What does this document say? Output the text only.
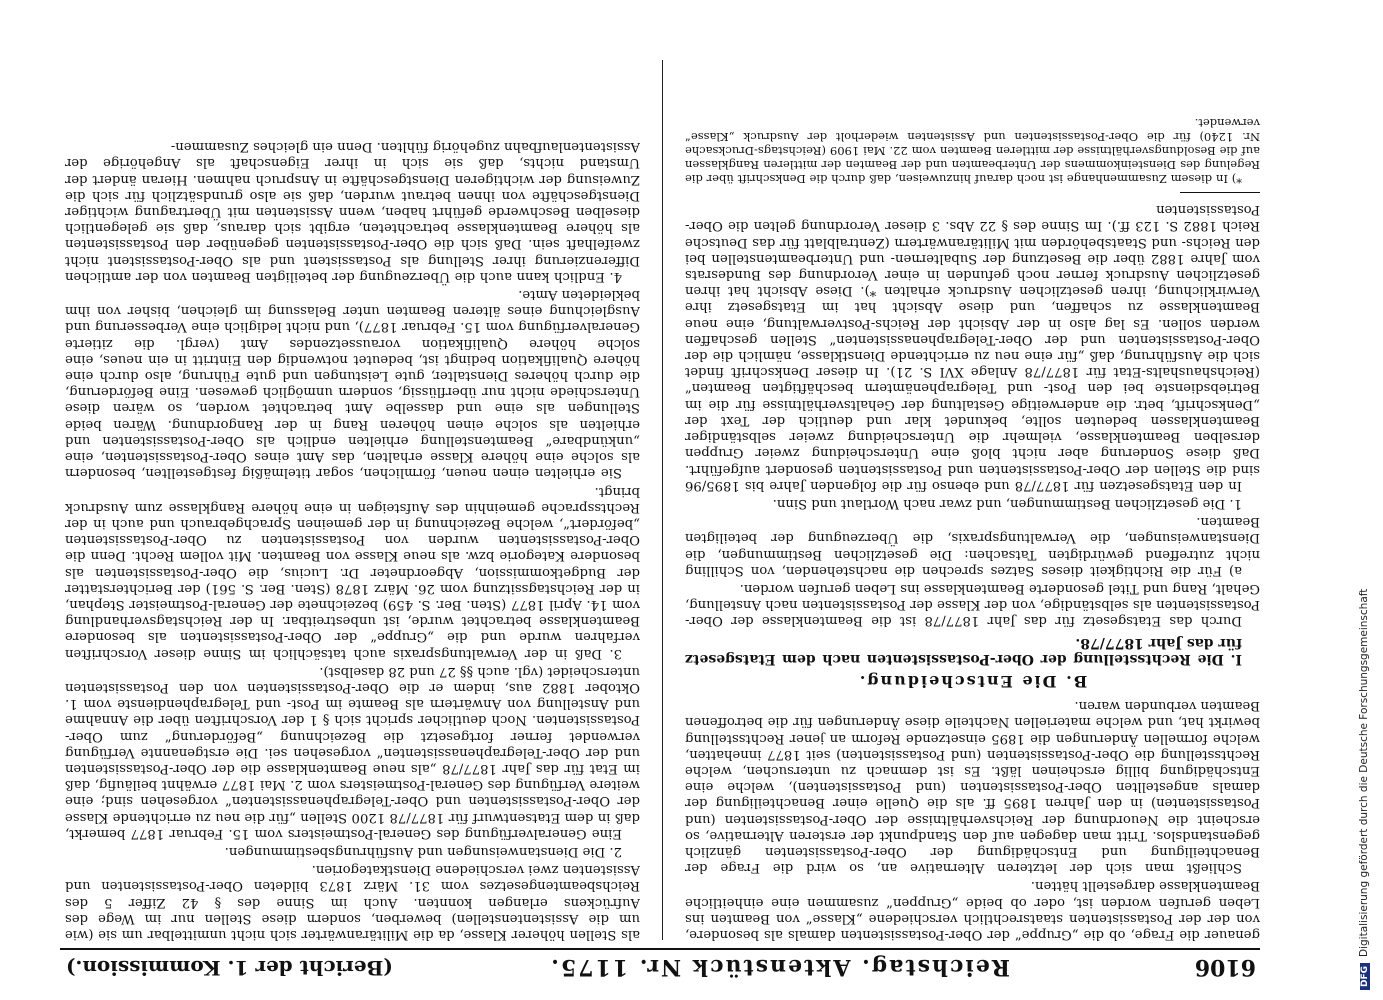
6106
Reichstag. Aktenstück Nr. 1175.
(Bericht der 1. Kommission.)

genauer die Frage, ob die „Gruppe“ der Ober-Postassistenten damals als besondere, von der der Postassistenten staatsrechtlich verschiedene „Klasse“ von Beamten ins Leben gerufen worden ist, oder ob beide „Gruppen“ zusammen eine einheitliche Beamtenklasse dargestellt hätten.

Schließt man sich der letzteren Alternative an, so wird die Frage der Benachteiligung und Entschädigung der Ober-Postassistenten gänzlich gegenstandslos. Tritt man dagegen auf den Standpunkt der ersteren Alternative, so erscheint die Neuordnung der Reichsverhältnisse der Ober-Postassistenten (und Postassistenten) in den Jahren 1895 ff. als die Quelle einer Benachteiligung der damals angestellten Ober-Postassistenten (und Postassistenten), welche eine Entschädigung billig erscheinen läßt. Es ist demnach zu untersuchen, welche Rechtsstellung die Ober-Postassistenten (und Postassistenten) seit 1877 innehatten, welche formellen Änderungen die 1895 einsetzende Reform an jener Rechtsstellung bewirkt hat, und welche materiellen Nachteile diese Änderungen für die betroffenen Beamten verbunden waren.

B. Die Entscheidung.
I. Die Rechtsstellung der Ober-Postassistenten nach dem Etatsgesetz für das Jahr 1877/78.

Durch das Etatsgesetz für das Jahr 1877/78 ist die Beamtenklasse der Ober-Postassistenten als selbständige, von der Klasse der Postassistenten nach Anstellung, Gehalt, Rang und Titel gesonderte Beamtenklasse ins Leben gerufen worden.

a) Für die Richtigkeit dieses Satzes sprechen die nachstehenden, von Schilling nicht zutreffend gewürdigten Tatsachen: Die gesetzlichen Bestimmungen, die Dienstanweisungen, die Verwaltungspraxis, die Überzeugung der beteiligten Beamten.

1. Die gesetzlichen Bestimmungen, und zwar nach Wortlaut und Sinn.

In den Etatsgesetzen für 1877/78 und ebenso für die folgenden Jahre bis 1895/96 sind die Stellen der Ober-Postassistenten und Postassistenten gesondert aufgeführt. Daß diese Sonderung aber nicht bloß eine Unterscheidung zweier Gruppen derselben Beamtenklasse, vielmehr die Unterscheidung zweier selbständiger Beamtenklassen bedeuten sollte, bekundet klar und deutlich der Text der „Denkschrift, betr. die anderweitige Gestaltung der Gehaltsverhältnisse für die im Betriebsdienste bei den Post- und Telegraphenämtern beschäftigten Beamten“ (Reichshaushalts-Etat für 1877/78 Anlage XVI S. 21). In dieser Denkschrift findet sich die Ausführung, daß „für eine neu zu errichtende Dienstklasse, nämlich die der Ober-Postassistenten und der Ober-Telegraphenassistenten“ Stellen geschaffen werden sollen. Es lag also in der Absicht der Reichs-Postverwaltung, eine neue Beamtenklasse zu schaffen, und diese Absicht hat im Etatsgesetz ihre Verwirklichung, ihren gesetzlichen Ausdruck erhalten *). Diese Absicht hat ihren gesetzlichen Ausdruck ferner noch gefunden in einer Verordnung des Bundesrats vom Jahre 1882 über die Besetzung der Subalternen- und Unterbeamtenstellen bei den Reichs- und Staatsbehörden mit Militäranwärtern (Zentralblatt für das Deutsche Reich 1882 S. 123 ff.). Im Sinne des § 22 Abs. 3 dieser Verordnung gelten die Ober-Postassistenten

*) In diesem Zusammenhange ist noch darauf hinzuweisen, daß durch die Denkschrift über die Regelung des Diensteinkommens der Unterbeamten und der Beamten der mittleren Rangklassen auf die Besoldungsverhältnisse der mittleren Beamten vom 22. Mai 1909 (Reichstags-Drucksache Nr. 1240) für die Ober-Postassistenten und Assistenten wiederholt der Ausdruck „Klasse“ verwendet.

als Stellen höherer Klasse, da die Militäranwärter sich nicht unmittelbar um sie (wie um die Assistentenstellen) bewerben, sondern diese Stellen nur im Wege des Aufrückens erlangen konnten. Auch im Sinne des § 42 Ziffer 5 des Reichsbeamtengesetzes vom 31. März 1873 bildeten Ober-Postassistenten und Assistenten zwei verschiedene Dienstkategorien.

2. Die Dienstanweisungen und Ausführungsbestimmungen.

Eine Generalverfügung des General-Postmeisters vom 15. Februar 1877 bemerkt, daß in dem Etatsentwurf für 1877/78 1200 Stellen „für die neu zu errichtende Klasse der Ober-Postassistenten und Ober-Telegraphenassistenten“ vorgesehen sind; eine weitere Verfügung des General-Postmeisters vom 2. Mai 1877 erwähnt beiläufig, daß im Etat für das Jahr 1877/78 „als neue Beamtenklasse die der Ober-Postassistenten und der Ober-Telegraphenassistenten“ vorgesehen sei. Die erstgenannte Verfügung verwendet ferner fortgesetzt die Bezeichnung „Beförderung“ zum Ober-Postassistenten. Noch deutlicher spricht sich § 1 der Vorschriften über die Annahme und Anstellung von Anwärtern als Beamte im Post- und Telegraphendienste vom 1. Oktober 1882 aus, indem er die Ober-Postassistenten von den Postassistenten unterscheidet (vgl. auch §§ 27 und 28 daselbst).

3. Daß in der Verwaltungspraxis auch tatsächlich im Sinne dieser Vorschriften verfahren wurde und die „Gruppe“ der Ober-Postassistenten als besondere Beamtenklasse betrachtet wurde, ist unbestreitbar. In der Reichstagsverhandlung vom 14. April 1877 (Sten. Ber. S. 459) bezeichnete der General-Postmeister Stephan, in der Reichstagssitzung vom 26. März 1878 (Sten. Ber. S. 561) der Berichterstatter der Budgetkommission, Abgeordneter Dr. Lucius, die Ober-Postassistenten als besondere Kategorie bzw. als neue Klasse von Beamten. Mit vollem Recht. Denn die Ober-Postassistenten wurden von Postassistenten zu Ober-Postassistenten „befördert“, welche Bezeichnung in der gemeinen Sprachgebrauch und auch in der Rechtssprache gemeinhin des Aufsteigen in eine höhere Rangklasse zum Ausdruck bringt.

Sie erhielten einen neuen, förmlichen, sogar titelmäßig festgestellten, besondern als solche eine höhere Klasse erhalten, das Amt eines Ober-Postassistenten, eine „unkündbare“ Beamtenstellung erhielten endlich als Ober-Postassistenten und erhielten als solche einen höheren Rang in der Rangordnung. Wären beide Stellungen als eine und dasselbe Amt betrachtet worden, so wären diese Unterschiede nicht nur überflüssig, sondern unmöglich gewesen. Eine Beförderung, die durch höheres Dienstalter, gute Leistungen und gute Führung, also durch eine höhere Qualifikation bedingt ist, bedeutet notwendig den Eintritt in ein neues, eine solche höhere Qualifikation voraussetzendes Amt (vergl. die zitierte Generalverfügung vom 15. Februar 1877), und nicht lediglich eine Verbesserung und Ausgleichung eines älteren Beamten unter Belassung im gleichen, bisher von ihm bekleideten Amte.

4. Endlich kann auch die Überzeugung der beteiligten Beamten von der amtlichen Differenzierung ihrer Stellung als Postassistent und als Ober-Postassistent nicht zweifelhaft sein. Daß sich die Ober-Postassistenten gegenüber den Postassistenten als höhere Beamtenklasse betrachteten, ergibt sich daraus, daß sie gelegentlich dieselben Beschwerde geführt haben, wenn Assistenten mit Übertragung wichtiger Dienstgeschäfte von ihnen betraut wurden, daß sie also grundsätzlich für sich die Zuweisung der wichtigeren Dienstgeschäfte in Anspruch nahmen. Hieran ändert der Umstand nichts, daß sie sich in ihrer Eigenschaft als Angehörige der Assistentenlaufbahn zugehörig fühlten. Denn ein gleiches Zusammen-

DFGDigitalisierung gefördert durch die Deutsche Forschungsgemeinschaft
